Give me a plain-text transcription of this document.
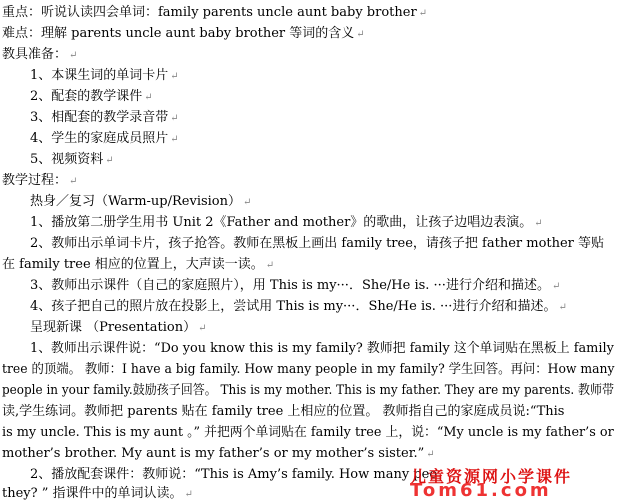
重点：听说认读四会单词：family parents uncle aunt baby brother ↵
难点：理解 parents uncle aunt baby brother 等词的含义 ↵
教具准备： ↵
1、本课生词的单词卡片 ↵
2、配套的教学课件 ↵
3、相配套的教学录音带 ↵
4、学生的家庭成员照片 ↵
5、视频资料 ↵
教学过程： ↵
热身／复习（Warm-up/Revision） ↵
1、播放第二册学生用书 Unit 2《Father and mother》的歌曲，让孩子边唱边表演。 ↵
2、教师出示单词卡片，孩子抢答。教师在黑板上画出 family tree，请孩子把 father mother 等贴
在 family tree 相应的位置上，大声读一读。 ↵
3、教师出示课件（自己的家庭照片），用 This is my···．She/He is. ···进行介绍和描述。 ↵
4、孩子把自己的照片放在投影上，尝试用 This is my···．She/He is. ···进行介绍和描述。 ↵
呈现新课 （Presentation） ↵
1、教师出示课件说：“Do you know this is my family? 教师把 family 这个单词贴在黑板上 family
tree 的顶端。 教师：I have a big family. How many people in my family? 学生回答。再问：How many
people in your family.鼓励孩子回答。 This is my mother. This is my father. They are my parents. 教师带
读,学生练词。教师把 parents 贴在 family tree 上相应的位置。 教师指自己的家庭成员说:“This
is my uncle. This is my aunt 。” 并把两个单词贴在 family tree 上，说：“My uncle is my father’s or
mother’s brother. My aunt is my father’s or my mother’s sister.” ↵
2、播放配套课件：教师说：“This is Amy’s family. How many peo
they? ” 指课件中的单词认读。 ↵
儿童资源网小学课件
Tom61.com
